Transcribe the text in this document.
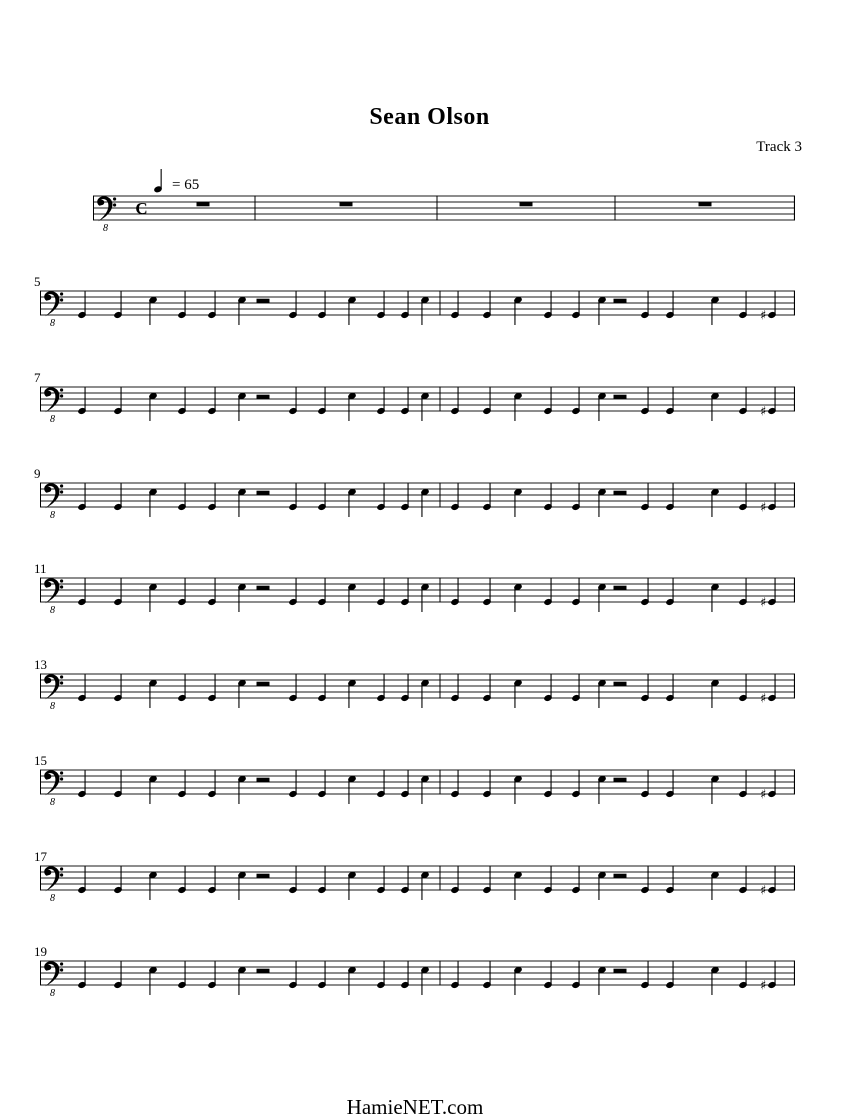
Sean Olson
Track 3
= 65
8
C
8
5
♯
8
7
♯
8
9
♯
8
11
♯
8
13
♯
8
15
♯
8
17
♯
8
19
♯
HamieNET.com
